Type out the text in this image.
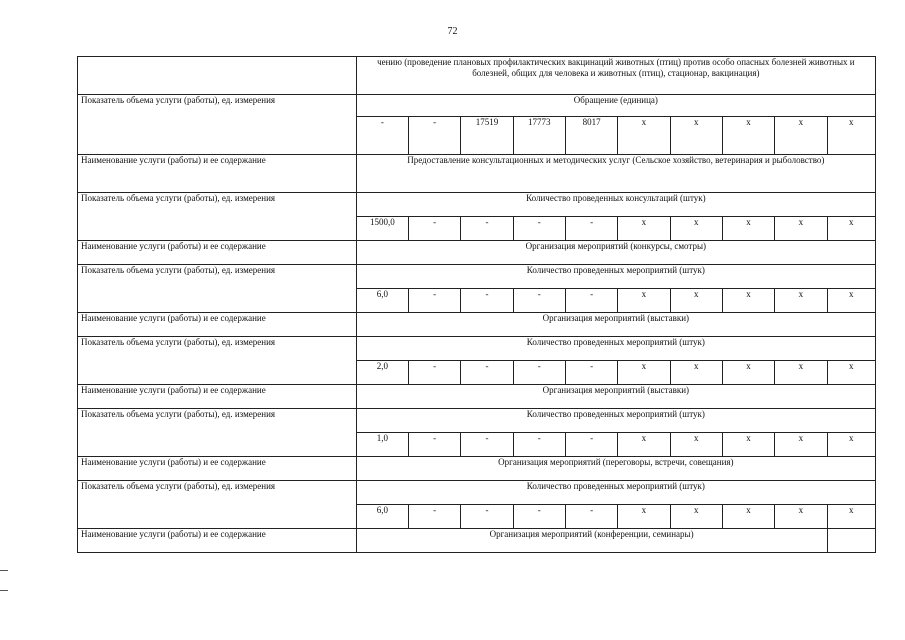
72
	чению (проведение плановых профилактических вакцинаций животных (птиц) против особо опасных болезней животных и болезней, общих для человека и животных (птиц), стационар, вакцинация)									
Показатель объема услуги (работы), ед. измерения	Обращение (единица)									
	-	-	17519	17773	8017	x	x	x	x	x
Наименование услуги (работы) и ее содержание	Предоставление консультационных и методических услуг (Сельское хозяйство, ветеринария и рыболовство)									
Показатель объема услуги (работы), ед. измерения	Количество проведенных консультаций (штук)									
	1500,0	-	-	-	-	x	x	x	x	x
Наименование услуги (работы) и ее содержание	Организация мероприятий (конкурсы, смотры)									
Показатель объема услуги (работы), ед. измерения	Количество проведенных мероприятий (штук)									
	6,0	-	-	-	-	x	x	x	x	x
Наименование услуги (работы) и ее содержание	Организация мероприятий (выставки)									
Показатель объема услуги (работы), ед. измерения	Количество проведенных мероприятий (штук)									
	2,0	-	-	-	-	x	x	x	x	x
Наименование услуги (работы) и ее содержание	Организация мероприятий (выставки)									
Показатель объема услуги (работы), ед. измерения	Количество проведенных мероприятий (штук)									
	1,0	-	-	-	-	x	x	x	x	x
Наименование услуги (работы) и ее содержание	Организация мероприятий (переговоры, встречи, совещания)									
Показатель объема услуги (работы), ед. измерения	Количество проведенных мероприятий (штук)									
	6,0	-	-	-	-	x	x	x	x	x
Наименование услуги (работы) и ее содержание	Организация мероприятий (конференции, семинары)									
